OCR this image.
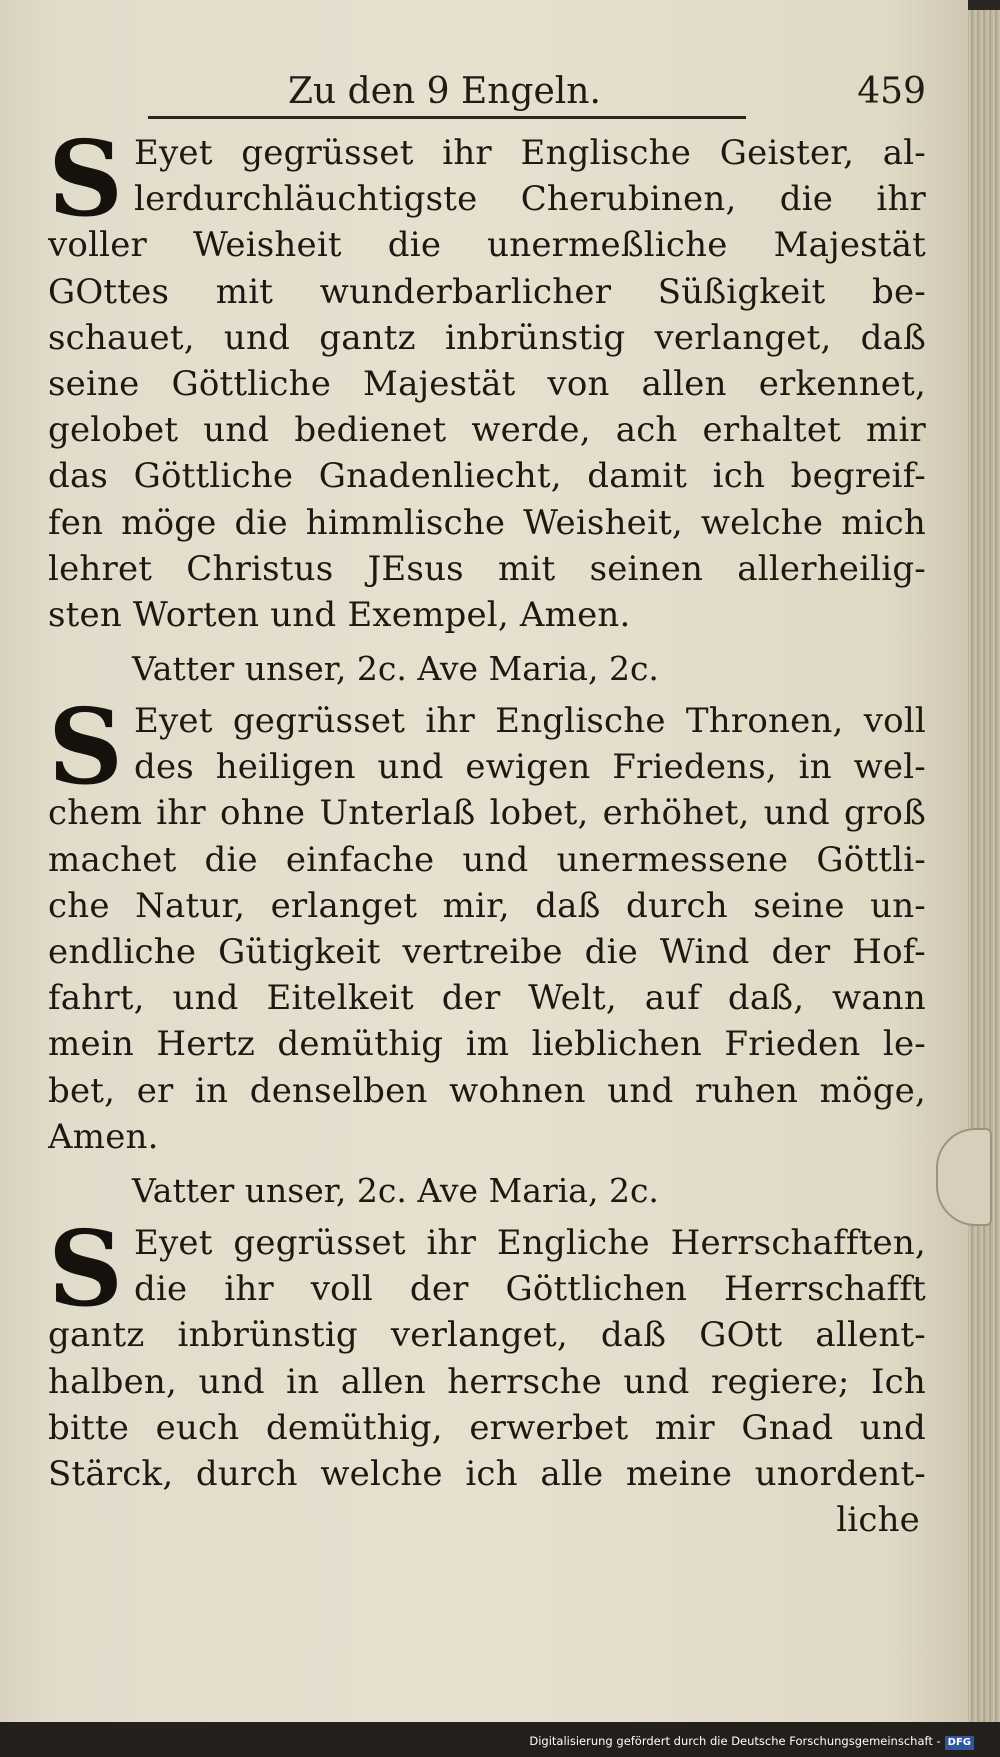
Zu den 9 Engeln.	459
S Eyet gegrüsset ihr Englische Geister, al-
lerdurchläuchtigste Cherubinen, die ihr
voller Weisheit die unermeßliche Majestät
GOttes mit wunderbarlicher Süßigkeit be-
schauet, und gantz inbrünstig verlanget, daß
seine Göttliche Majestät von allen erkennet,
gelobet und bedienet werde, ach erhaltet mir
das Göttliche Gnadenliecht, damit ich begreif-
fen möge die himmlische Weisheit, welche mich
lehret Christus JEsus mit seinen allerheilig-
sten Worten und Exempel, Amen.

Vatter unser, 2c. Ave Maria, 2c.
S Eyet gegrüsset ihr Englische Thronen, voll
des heiligen und ewigen Friedens, in wel-
chem ihr ohne Unterlaß lobet, erhöhet, und groß
machet die einfache und unermessene Göttli-
che Natur, erlanget mir, daß durch seine un-
endliche Gütigkeit vertreibe die Wind der Hof-
fahrt, und Eitelkeit der Welt, auf daß, wann
mein Hertz demüthig im lieblichen Frieden le-
bet, er in denselben wohnen und ruhen möge,
Amen.

Vatter unser, 2c. Ave Maria, 2c.
S Eyet gegrüsset ihr Engliche Herrschafften,
die ihr voll der Göttlichen Herrschafft
gantz inbrünstig verlanget, daß GOtt allent-
halben, und in allen herrsche und regiere; Ich
bitte euch demüthig, erwerbet mir Gnad und
Stärck, durch welche ich alle meine unordent-
liche

Digitalisierung gefördert durch die Deutsche Forschungsgemeinschaft - DFG
